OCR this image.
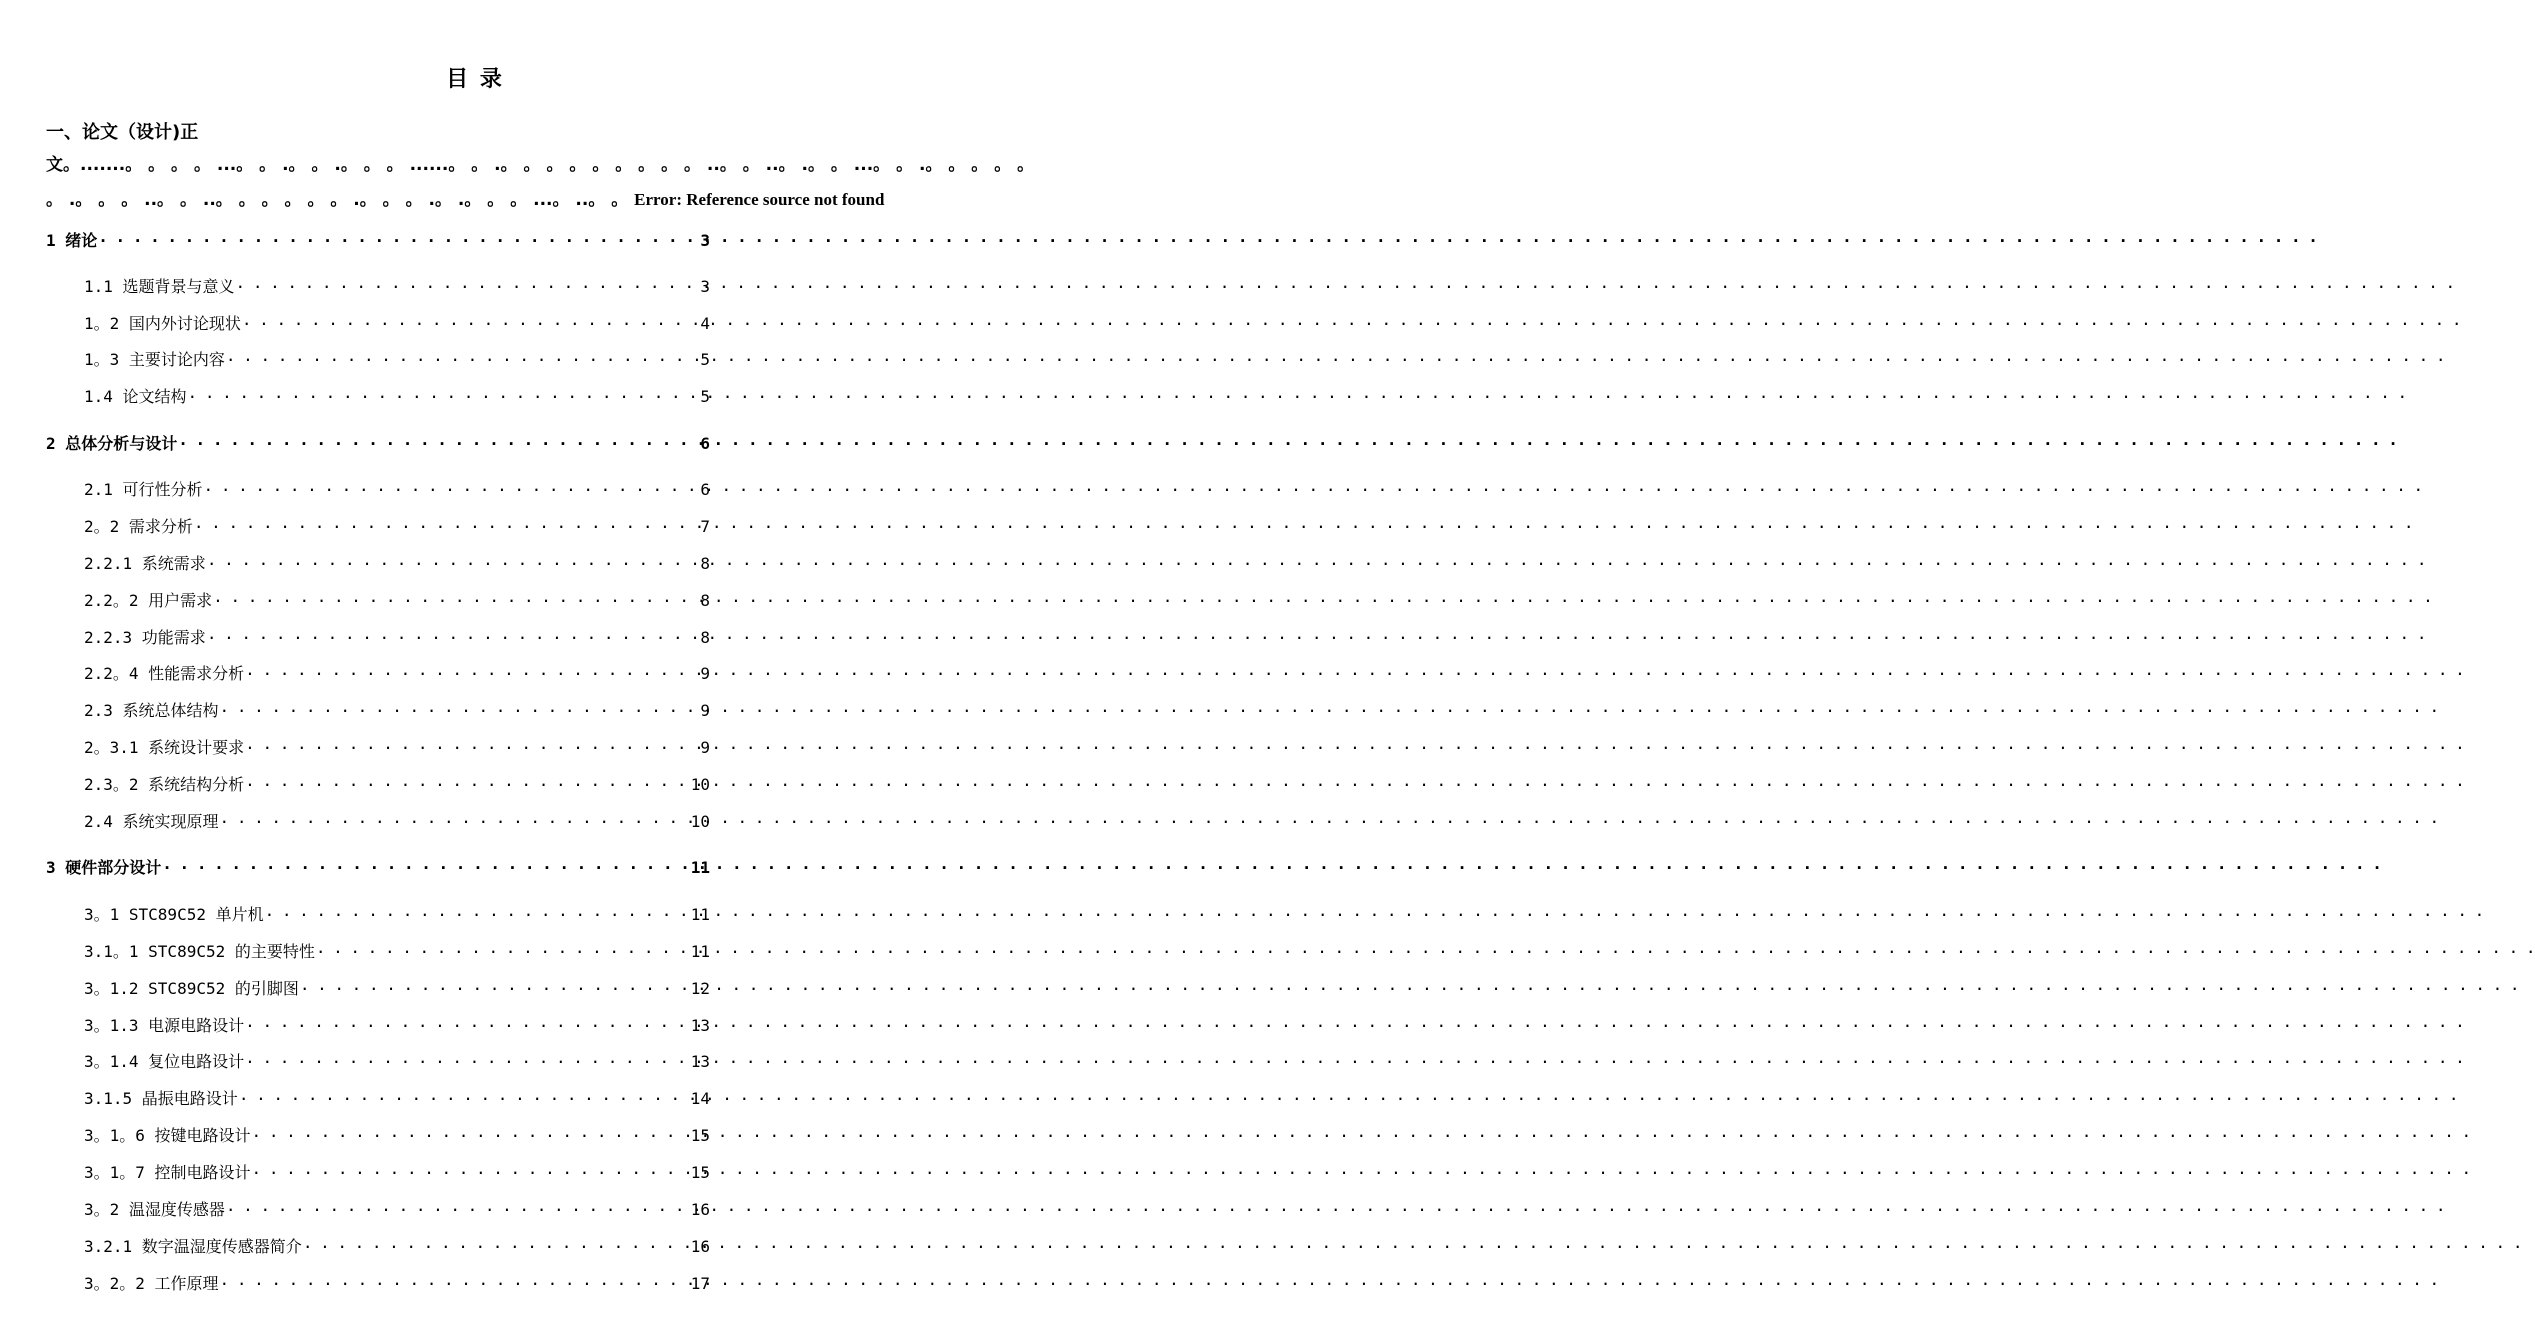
目 录
一、论文（设计)正
文。.......。 。 。 。 ...。 。 .。 。 .。 。 。 ......。 。 .。 。 。 。 。 。 。 。 。 ..。 。 ..。 .。 。 ...。 。 .。 。 。 。 。
。 .。 。 。 ..。 。 ..。 。 。 。 。 。 .。 。 。 .。 .。 。 。 ...。 ..。 。 Error: Reference source not found
1 绪论 . . .	3
1.1 选题背景与意义 . . .	3
1。2 国内外讨论现状 . . .	4
1。3 主要讨论内容 . . .	5
1.4 论文结构 . . .	5
2 总体分析与设计 . . .	6
2.1 可行性分析 . . .	6
2。2 需求分析 . . .	7
2.2.1 系统需求 . . .	8
2.2。2 用户需求 . . .	8
2.2.3 功能需求 . . .	8
2.2。4 性能需求分析 . . .	9
2.3 系统总体结构 . . .	9
2。3.1 系统设计要求 . . .	9
2.3。2 系统结构分析 . . .	10
2.4 系统实现原理 . . .	10
3 硬件部分设计 . . .	11
3。1 STC89C52 单片机 . . .	11
3.1。1 STC89C52 的主要特性 . . .	11
3。1.2 STC89C52 的引脚图 . . .	12
3。1.3 电源电路设计 . . .	13
3。1.4 复位电路设计 . . .	13
3.1.5 晶振电路设计 . . .	14
3。1。6 按键电路设计 . . .	15
3。1。7 控制电路设计 . . .	15
3。2 温湿度传感器 . . .	16
3.2.1 数字温湿度传感器简介 . . .	16
3。2。2 工作原理 . . .	17
